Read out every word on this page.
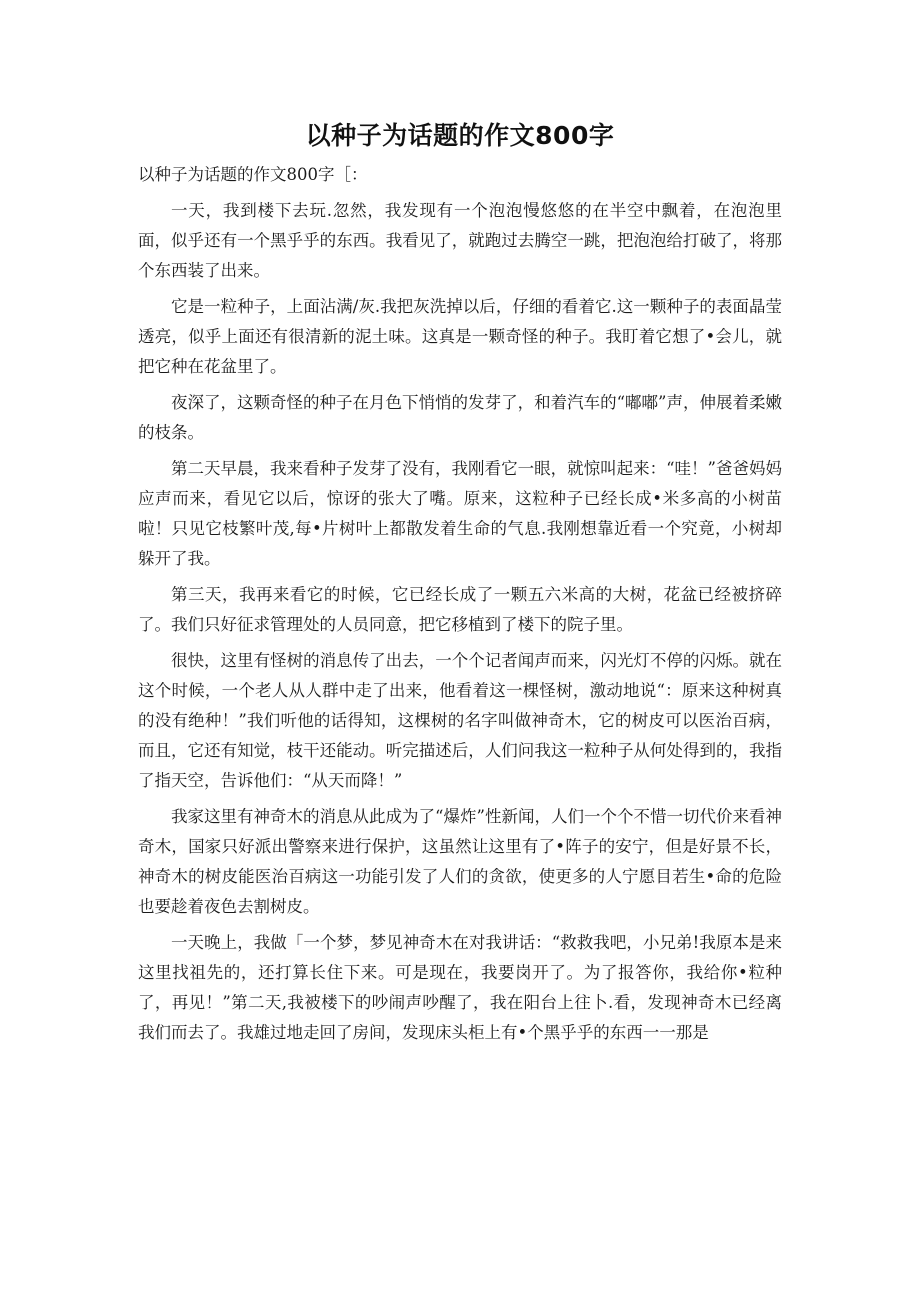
以种子为话题的作文800字

以种子为话题的作文800字［：

一天，我到楼下去玩.忽然，我发现有一个泡泡慢悠悠的在半空中飘着，在泡泡里面，似乎还有一个黑乎乎的东西。我看见了，就跑过去腾空一跳，把泡泡给打破了，将那个东西装了出来。

它是一粒种子，上面沾满/灰.我把灰洗掉以后，仔细的看着它.这一颗种子的表面晶莹透亮，似乎上面还有很清新的泥土味。这真是一颗奇怪的种子。我盯着它想了•会儿，就把它种在花盆里了。

夜深了，这颗奇怪的种子在月色下悄悄的发芽了，和着汽车的“嘟嘟”声，伸展着柔嫩的枝条。

第二天早晨，我来看种子发芽了没有，我刚看它一眼，就惊叫起来：“哇！”爸爸妈妈应声而来，看见它以后，惊讶的张大了嘴。原来，这粒种子已经长成•米多高的小树苗啦！只见它枝繁叶茂,每•片树叶上都散发着生命的气息.我刚想靠近看一个究竟，小树却躲开了我。

第三天，我再来看它的时候，它已经长成了一颗五六米高的大树，花盆已经被挤碎了。我们只好征求管理处的人员同意，把它移植到了楼下的院子里。

很快，这里有怪树的消息传了出去，一个个记者闻声而来，闪光灯不停的闪烁。就在这个时候，一个老人从人群中走了出来，他看着这一棵怪树，激动地说“：原来这种树真的没有绝种！”我们听他的话得知，这棵树的名字叫做神奇木，它的树皮可以医治百病，而且，它还有知觉，枝干还能动。听完描述后，人们问我这一粒种子从何处得到的，我指了指天空，告诉他们：“从天而降！”

我家这里有神奇木的消息从此成为了“爆炸”性新闻，人们一个个不惜一切代价来看神奇木，国家只好派出警察来进行保护，这虽然让这里有了•阵子的安宁，但是好景不长，神奇木的树皮能医治百病这一功能引发了人们的贪欲，使更多的人宁愿目若生•命的危险也要趁着夜色去割树皮。

一天晚上，我做「一个梦，梦见神奇木在对我讲话：“救救我吧，小兄弟!我原本是来这里找祖先的，还打算长住下来。可是现在，我要岗开了。为了报答你，我给你•粒种了，再见！”第二天,我被楼下的吵闹声吵醒了，我在阳台上往卜.看，发现神奇木已经离我们而去了。我雄过地走回了房间，发现床头柜上有•个黑乎乎的东西一一那是
